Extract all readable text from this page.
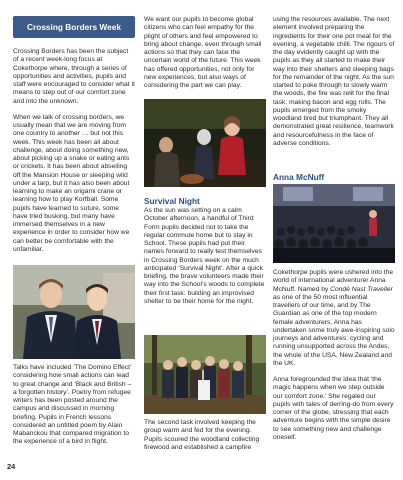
Crossing Borders Week

Crossing Borders has been the subject of a recent week-long focus at Cokethorpe where, through a series of opportunities and activities, pupils and staff were encouraged to consider what it means to step out of our comfort zone and into the unknown.

When we talk of crossing borders, we usually mean that we are moving from one country to another … but not this week. This week has been all about challenge, about doing something new, about picking up a snake or eating ants or crickets. It has been about abseiling off the Mansion House or sleeping wild under a tarp, but it has also been about learning to make an origami crane or learning how to play Korfball. Some pupils have learned to suture, some have tried busking, but many have immersed themselves in a new experience in order to consider how we can better be comfortable with the unfamiliar.

Talks have included ‘The Domino Effect’ considering how small actions can lead to great change and ‘Black and British – a forgotten history’. Poetry from refugee writers has been posted around the campus and discussed in morning briefing. Pupils in French lessons considered an untitled poem by Alain Mabanckou that compared migration to the experience of a bird in flight.

We want our pupils to become global citizens who can feel empathy for the plight of others and feel empowered to bring about change, even through small actions so that they can face the uncertain world of the future. This week has offered opportunities, not only for new experiences, but also ways of considering the part we can play.

Survival Night

As the sun was setting on a calm October afternoon, a handful of Third Form pupils decided not to take the regular commute home but to stay in School. These pupils had put their names forward to really test themselves in Crossing Borders week on the much anticipated ‘Survival Night’. After a quick briefing, the brave volunteers made their way into the School’s woods to complete their first task: building an improvised shelter to be their home for the night.

The second task involved keeping the group warm and fed for the evening. Pupils scoured the woodland collecting firewood and established a campfire

using the resources available. The next element involved preparing the ingredients for their one pot meal for the evening, a vegetable chilli. The rigours of the day evidently caught up with the pupils as they all started to make their way into their shelters and sleeping bags for the remainder of the night. As the sun started to poke through to slowly warm the woods, the fire was relit for the final task: making bacon and egg rolls. The pupils emerged from the smoky woodland tired but triumphant. They all demonstrated great resilience, teamwork and resourcefulness in the face of adverse conditions.

Anna McNuff

Cokethorpe pupils were ushered into the world of international adventurer Anna McNuff. Named by Condé Nast Traveller as one of the 50 most influential travellers of our time, and by The Guardian as one of the top modern female adventurers, Anna has undertaken some truly awe-inspiring solo journeys and adventures: cycling and running unsupported across the Andes, the whole of the USA, New Zealand and the UK.

Anna foregrounded the idea that ‘the magic happens when we step outside our comfort zone.’ She regaled our pupils with tales of derring-do from every corner of the globe, stressing that each adventure begins with the simple desire to see something new and challenge oneself.

24
